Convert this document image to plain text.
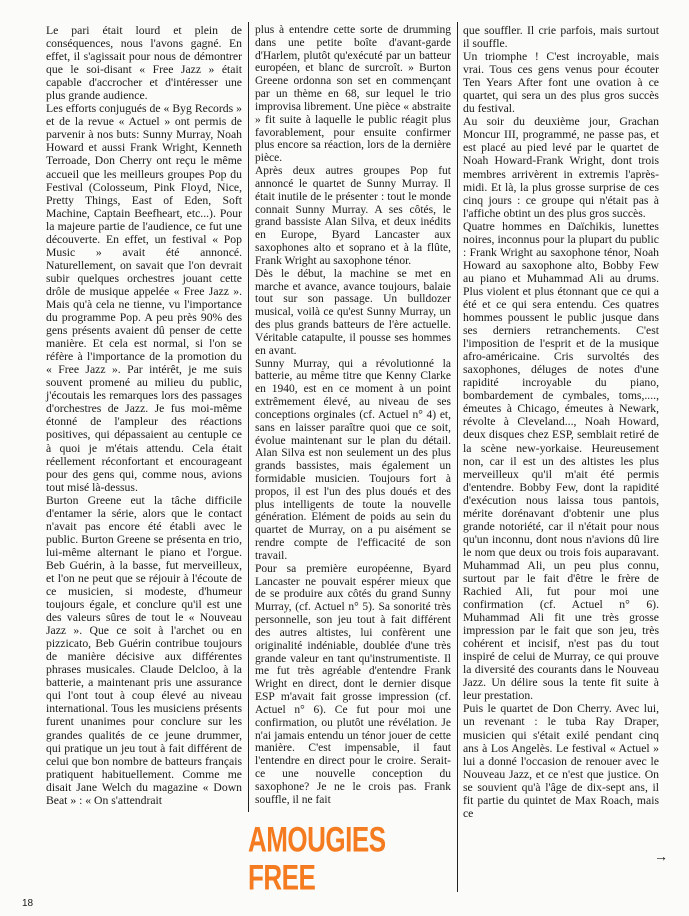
Le pari était lourd et plein de conséquences, nous l'avons gagné. En effet, il s'agissait pour nous de démontrer que le soi-disant « Free Jazz » était capable d'accrocher et d'intéresser une plus grande audience.

Les efforts conjugués de « Byg Records » et de la revue « Actuel » ont permis de parvenir à nos buts: Sunny Murray, Noah Howard et aussi Frank Wright, Kenneth Terroade, Don Cherry ont reçu le même accueil que les meilleurs groupes Pop du Festival (Colosseum, Pink Floyd, Nice, Pretty Things, East of Eden, Soft Machine, Captain Beefheart, etc...). Pour la majeure partie de l'audience, ce fut une découverte. En effet, un festival « Pop Music » avait été annoncé. Naturellement, on savait que l'on devrait subir quelques orchestres jouant cette drôle de musique appelée « Free Jazz ». Mais qu'à cela ne tienne, vu l'importance du programme Pop. A peu près 90% des gens présents avaient dû penser de cette manière. Et cela est normal, si l'on se réfère à l'importance de la promotion du « Free Jazz ». Par intérêt, je me suis souvent promené au milieu du public, j'écoutais les remarques lors des passages d'orchestres de Jazz. Je fus moi-même étonné de l'ampleur des réactions positives, qui dépassaient au centuple ce à quoi je m'étais attendu. Cela était réellement réconfortant et encourageant pour des gens qui, comme nous, avions tout misé là-dessus.

Burton Greene eut la tâche difficile d'entamer la série, alors que le contact n'avait pas encore été établi avec le public. Burton Greene se présenta en trio, lui-même alternant le piano et l'orgue. Beb Guérin, à la basse, fut merveilleux, et l'on ne peut que se réjouir à l'écoute de ce musicien, si modeste, d'humeur toujours égale, et conclure qu'il est une des valeurs sûres de tout le « Nouveau Jazz ». Que ce soit à l'archet ou en pizzicato, Beb Guérin contribue toujours de manière décisive aux différentes phrases musicales. Claude Delcloo, à la batterie, a maintenant pris une assurance qui l'ont tout à coup élevé au niveau international. Tous les musiciens présents furent unanimes pour conclure sur les grandes qualités de ce jeune drummer, qui pratique un jeu tout à fait différent de celui que bon nombre de batteurs français pratiquent habituellement. Comme me disait Jane Welch du magazine « Down Beat » : « On s'attendrait

plus à entendre cette sorte de drumming dans une petite boîte d'avant-garde d'Harlem, plutôt qu'exécuté par un batteur européen, et blanc de surcroît. » Burton Greene ordonna son set en commençant par un thème en 68, sur lequel le trio improvisa librement. Une pièce « abstraite » fit suite à laquelle le public réagit plus favorablement, pour ensuite confirmer plus encore sa réaction, lors de la dernière pièce.

Après deux autres groupes Pop fut annoncé le quartet de Sunny Murray. Il était inutile de le présenter : tout le monde connait Sunny Murray. A ses côtés, le grand bassiste Alan Silva, et deux inédits en Europe, Byard Lancaster aux saxophones alto et soprano et à la flûte, Frank Wright au saxophone ténor.

Dès le début, la machine se met en marche et avance, avance toujours, balaie tout sur son passage. Un bulldozer musical, voilà ce qu'est Sunny Murray, un des plus grands batteurs de l'ère actuelle. Véritable catapulte, il pousse ses hommes en avant.

Sunny Murray, qui a révolutionné la batterie, au même titre que Kenny Clarke en 1940, est en ce moment à un point extrêmement élevé, au niveau de ses conceptions orginales (cf. Actuel n° 4) et, sans en laisser paraître quoi que ce soit, évolue maintenant sur le plan du détail. Alan Silva est non seulement un des plus grands bassistes, mais également un formidable musicien. Toujours fort à propos, il est l'un des plus doués et des plus intelligents de toute la nouvelle génération. Elément de poids au sein du quartet de Murray, on a pu aisément se rendre compte de l'efficacité de son travail.

Pour sa première européenne, Byard Lancaster ne pouvait espérer mieux que de se produire aux côtés du grand Sunny Murray, (cf. Actuel n° 5). Sa sonorité très personnelle, son jeu tout à fait différent des autres altistes, lui confèrent une originalité indéniable, doublée d'une très grande valeur en tant qu'instrumentiste. Il me fut très agréable d'entendre Frank Wright en direct, dont le dernier disque ESP m'avait fait grosse impression (cf. Actuel n° 6). Ce fut pour moi une confirmation, ou plutôt une révélation. Je n'ai jamais entendu un ténor jouer de cette manière. C'est impensable, il faut l'entendre en direct pour le croire. Serait-ce une nouvelle conception du saxophone? Je ne le crois pas. Frank souffle, il ne fait

que souffler. Il crie parfois, mais surtout il souffle.

Un triomphe ! C'est incroyable, mais vrai. Tous ces gens venus pour écouter Ten Years After font une ovation à ce quartet, qui sera un des plus gros succès du festival.

Au soir du deuxième jour, Grachan Moncur III, programmé, ne passe pas, et est placé au pied levé par le quartet de Noah Howard-Frank Wright, dont trois membres arrivèrent in extremis l'après-midi. Et là, la plus grosse surprise de ces cinq jours : ce groupe qui n'était pas à l'affiche obtint un des plus gros succès.

Quatre hommes en Daïchikis, lunettes noires, inconnus pour la plupart du public : Frank Wright au saxophone ténor, Noah Howard au saxophone alto, Bobby Few au piano et Muhammad Ali au drums. Plus violent et plus étonnant que ce qui a été et ce qui sera entendu. Ces quatres hommes poussent le public jusque dans ses derniers retranchements. C'est l'imposition de l'esprit et de la musique afro-américaine. Cris survoltés des saxophones, déluges de notes d'une rapidité incroyable du piano, bombardement de cymbales, toms,...., émeutes à Chicago, émeutes à Newark, révolte à Cleveland..., Noah Howard, deux disques chez ESP, semblait retiré de la scène new-yorkaise. Heureusement non, car il est un des altistes les plus merveilleux qu'il m'ait été permis d'entendre. Bobby Few, dont la rapidité d'exécution nous laissa tous pantois, mérite dorénavant d'obtenir une plus grande notoriété, car il n'était pour nous qu'un inconnu, dont nous n'avions dû lire le nom que deux ou trois fois auparavant. Muhammad Ali, un peu plus connu, surtout par le fait d'être le frère de Rachied Ali, fut pour moi une confirmation (cf. Actuel n° 6). Muhammad Ali fit une très grosse impression par le fait que son jeu, très cohérent et incisif, n'est pas du tout inspiré de celui de Murray, ce qui prouve la diversité des courants dans le Nouveau Jazz. Un délire sous la tente fit suite à leur prestation.

Puis le quartet de Don Cherry. Avec lui, un revenant : le tuba Ray Draper, musicien qui s'était exilé pendant cinq ans à Los Angelès. Le festival « Actuel » lui a donné l'occasion de renouer avec le Nouveau Jazz, et ce n'est que justice. On se souvient qu'à l'âge de dix-sept ans, il fit partie du quintet de Max Roach, mais ce

AMOUGIES
FREE	→
18
